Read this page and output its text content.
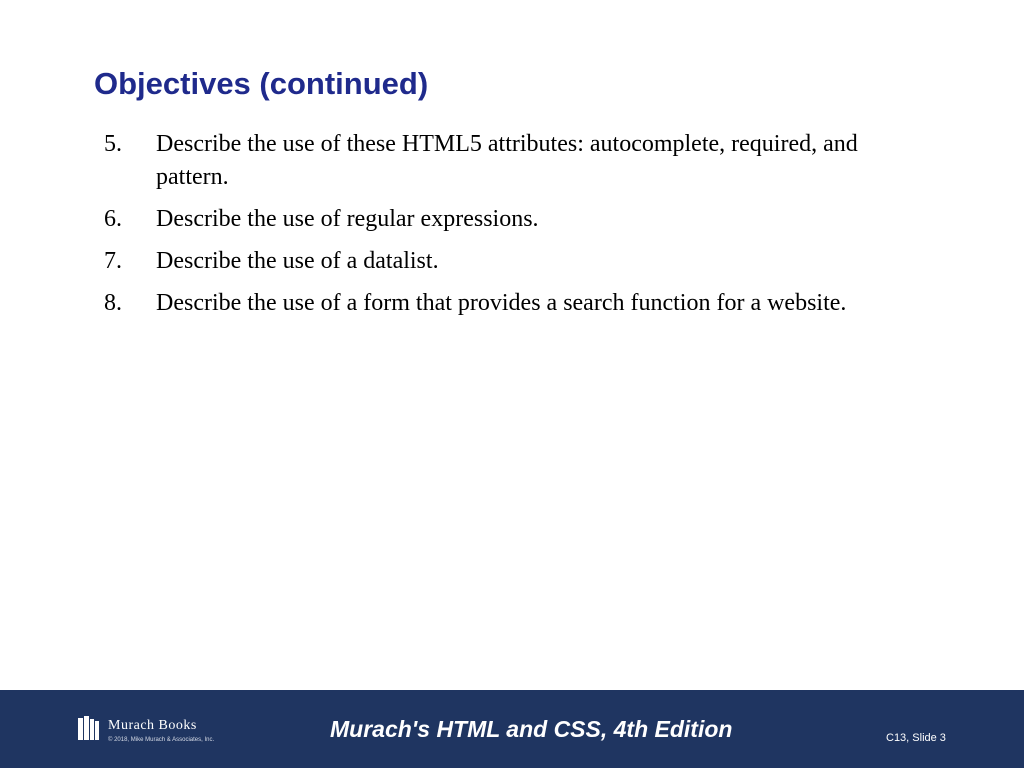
Objectives (continued)
5.	Describe the use of these HTML5 attributes: autocomplete, required, and pattern.
6.	Describe the use of regular expressions.
7.	Describe the use of a datalist.
8.	Describe the use of a form that provides a search function for a website.
Murach Books
© 2018, Mike Murach & Associates, Inc.	Murach's HTML and CSS, 4th Edition	C13, Slide 3
